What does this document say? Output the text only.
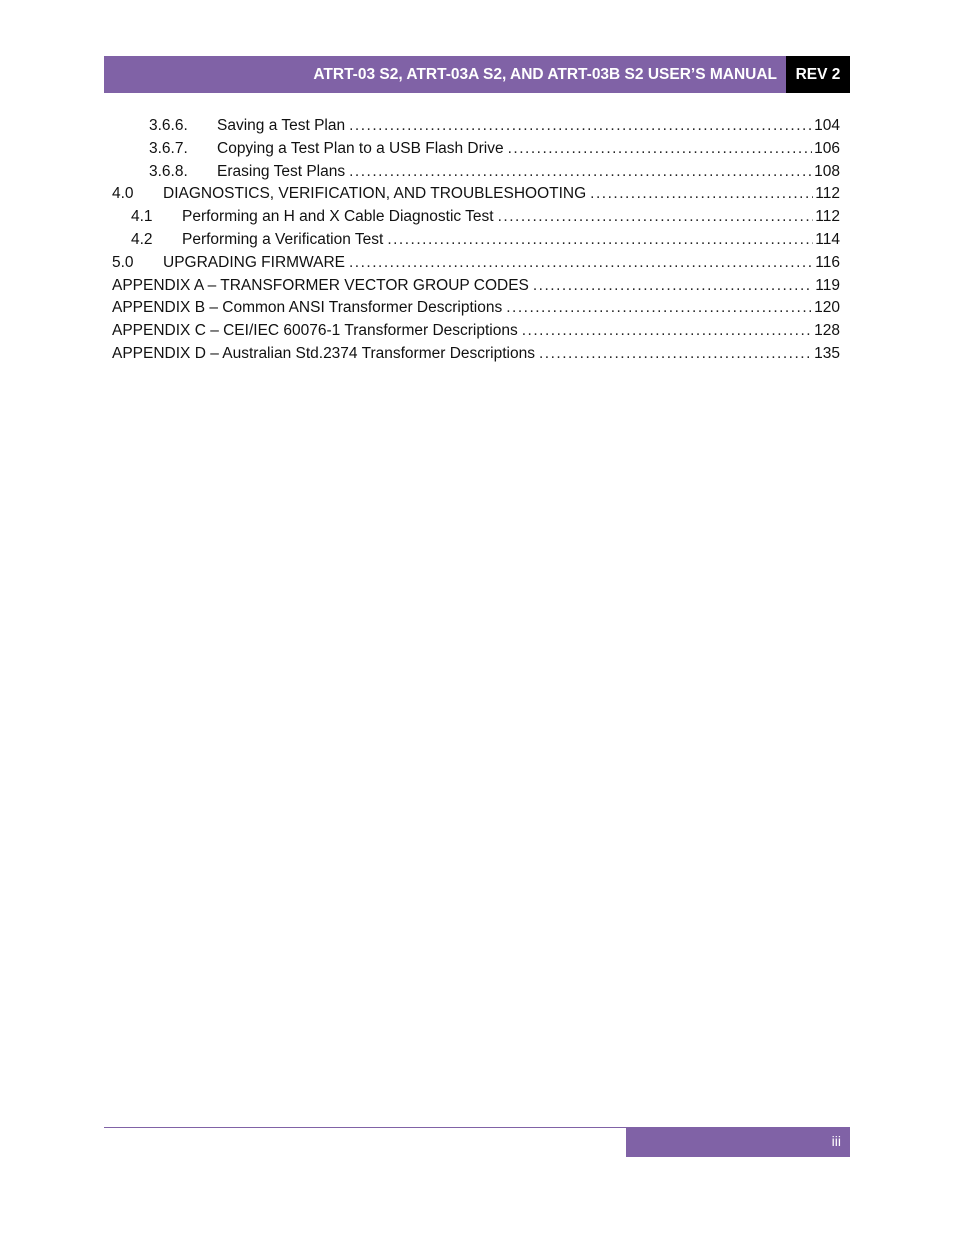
ATRT-03 S2, ATRT-03A S2, AND ATRT-03B S2 USER’S MANUAL	REV 2
3.6.6.	Saving a Test Plan .....	104
3.6.7.	Copying a Test Plan to a USB Flash Drive .....	106
3.6.8.	Erasing Test Plans .....	108
4.0	DIAGNOSTICS, VERIFICATION, AND TROUBLESHOOTING .....	112
4.1	Performing an H and X Cable Diagnostic Test .....	112
4.2	Performing a Verification Test .....	114
5.0	UPGRADING FIRMWARE .....	116
APPENDIX A – TRANSFORMER VECTOR GROUP CODES .....	119
APPENDIX B – Common ANSI Transformer Descriptions .....	120
APPENDIX C – CEI/IEC 60076-1 Transformer Descriptions .....	128
APPENDIX D – Australian Std.2374 Transformer Descriptions .....	135
iii
